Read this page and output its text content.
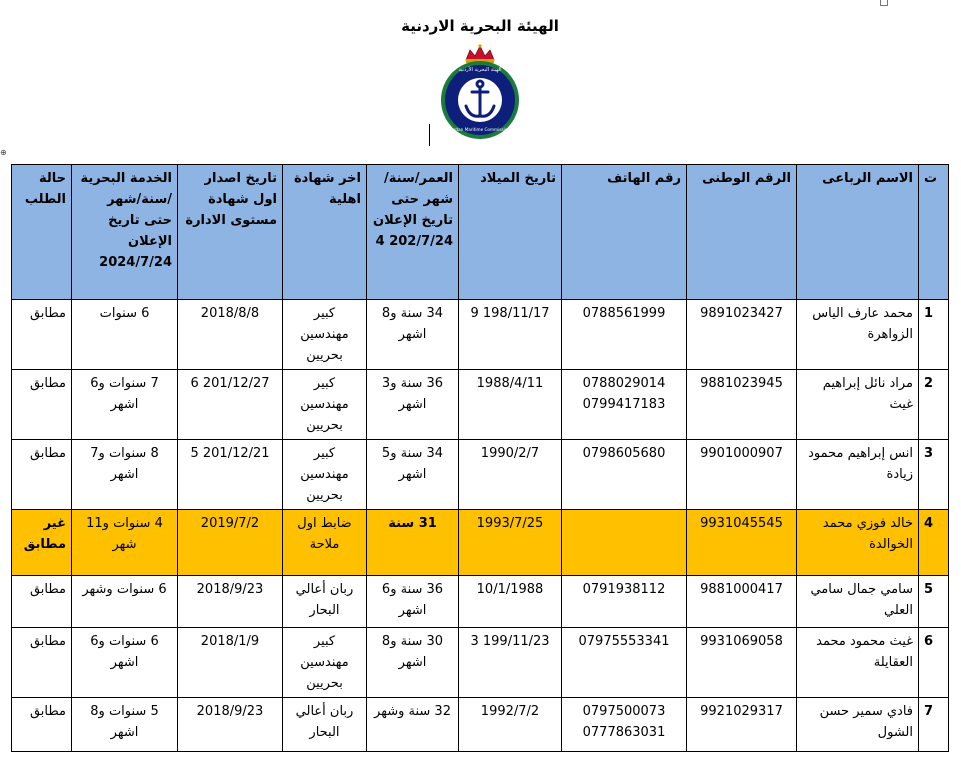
الهيئة البحرية الاردنية
الهيئة البحرية الأردنية
Jordan Maritime Commission
⊕
ت	الاسم الرباعى	الرقم الوطنى	رقم الهاتف	تاريخ الميلاد	العمر/سنة/ شهر حتى تاريخ الإعلان 202/7/24 4	اخر شهادة اهلية	تاريخ اصدار اول شهادة مستوى الادارة	الخدمة البحرية /سنة/شهر حتى تاريخ الإعلان 2024/7/24	حالة الطلب
1	محمد عارف الياس الزواهرة	9891023427	0788561999	198/11/17 9	34 سنة و8 اشهر	كبير مهندسين بحريين	2018/8/8	6 سنوات	مطابق
2	مراد نائل إبراهيم غيث	9881023945	0788029014 0799417183	1988/4/11	36 سنة و3 اشهر	كبير مهندسين بحريين	201/12/27 6	7 سنوات و6 اشهر	مطابق
3	انس إبراهيم محمود زيادة	9901000907	0798605680	1990/2/7	34 سنة و5 اشهر	كبير مهندسين بحريين	201/12/21 5	8 سنوات و7 اشهر	مطابق
4	خالد فوزي محمد الخوالدة	9931045545		1993/7/25	31 سنة	ضابط اول ملاحة	2019/7/2	4 سنوات و11 شهر	غير مطابق
5	سامي جمال سامي العلي	9881000417	0791938112	10/1/1988	36 سنة و6 اشهر	ربان أعالي البحار	2018/9/23	6 سنوات وشهر	مطابق
6	غيث محمود محمد العقايلة	9931069058	07975553341	199/11/23 3	30 سنة و8 اشهر	كبير مهندسين بحريين	2018/1/9	6 سنوات و6 اشهر	مطابق
7	فادي سمير حسن الشول	9921029317	0797500073 0777863031	1992/7/2	32 سنة وشهر	ربان أعالي البحار	2018/9/23	5 سنوات و8 اشهر	مطابق
